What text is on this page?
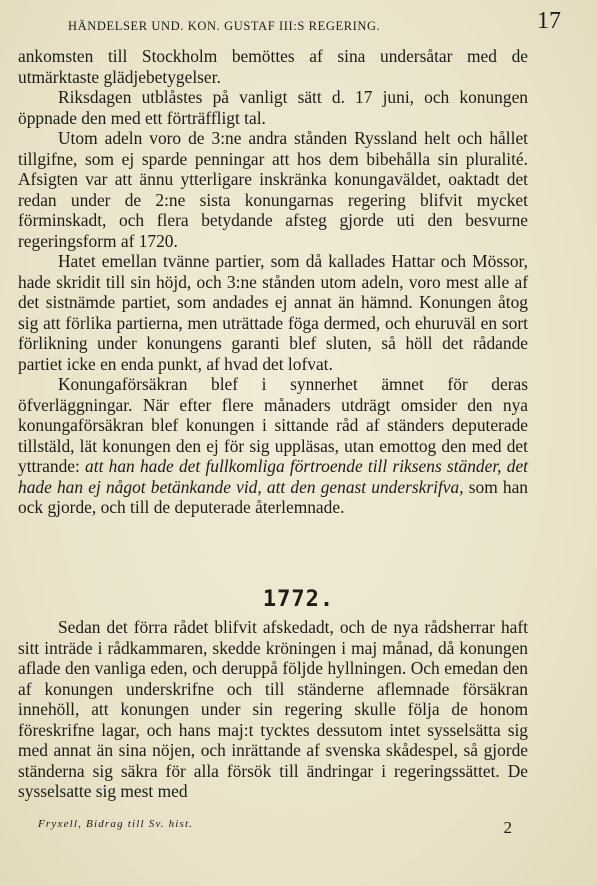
HÄNDELSER UND. KON. GUSTAF III:S REGERING.	17

ankomsten till Stockholm bemöttes af sina undersåtar med de utmärktaste glädjebetygelser.

Riksdagen utblåstes på vanligt sätt d. 17 juni, och konungen öppnade den med ett förträffligt tal.

Utom adeln voro de 3:ne andra stånden Ryssland helt och hållet tillgifne, som ej sparde penningar att hos dem bibehålla sin pluralité. Afsigten var att ännu ytterligare inskränka konungaväldet, oaktadt det redan under de 2:ne sista konungarnas regering blifvit mycket förminskadt, och flera betydande afsteg gjorde uti den besvurne regeringsform af 1720.

Hatet emellan tvänne partier, som då kallades Hattar och Mössor, hade skridit till sin höjd, och 3:ne stånden utom adeln, voro mest alle af det sistnämde partiet, som andades ej annat än hämnd. Konungen åtog sig att förlika partierna, men uträttade föga dermed, och ehuruväl en sort förlikning under konungens garanti blef sluten, så höll det rådande partiet icke en enda punkt, af hvad det lofvat.

Konungaförsäkran blef i synnerhet ämnet för deras öfverläggningar. När efter flere månaders utdrägt omsider den nya konungaförsäkran blef konungen i sittande råd af ständers deputerade tillstäld, lät konungen den ej för sig uppläsas, utan emottog den med det yttrande: att han hade det fullkomliga förtroende till riksens ständer, det hade han ej något betänkande vid, att den genast underskrifva, som han ock gjorde, och till de deputerade återlemnade.

1772.

Sedan det förra rådet blifvit afskedadt, och de nya rådsherrar haft sitt inträde i rådkammaren, skedde kröningen i maj månad, då konungen aflade den vanliga eden, och deruppå följde hyllningen. Och emedan den af konungen underskrifne och till ständerne aflemnade försäkran innehöll, att konungen under sin regering skulle följa de honom föreskrifne lagar, och hans maj:t tycktes dessutom intet sysselsätta sig med annat än sina nöjen, och inrättande af svenska skådespel, så gjorde ständerna sig säkra för alla försök till ändringar i regeringssättet. De sysselsatte sig mest med

Fryxell, Bidrag till Sv. hist.	2
